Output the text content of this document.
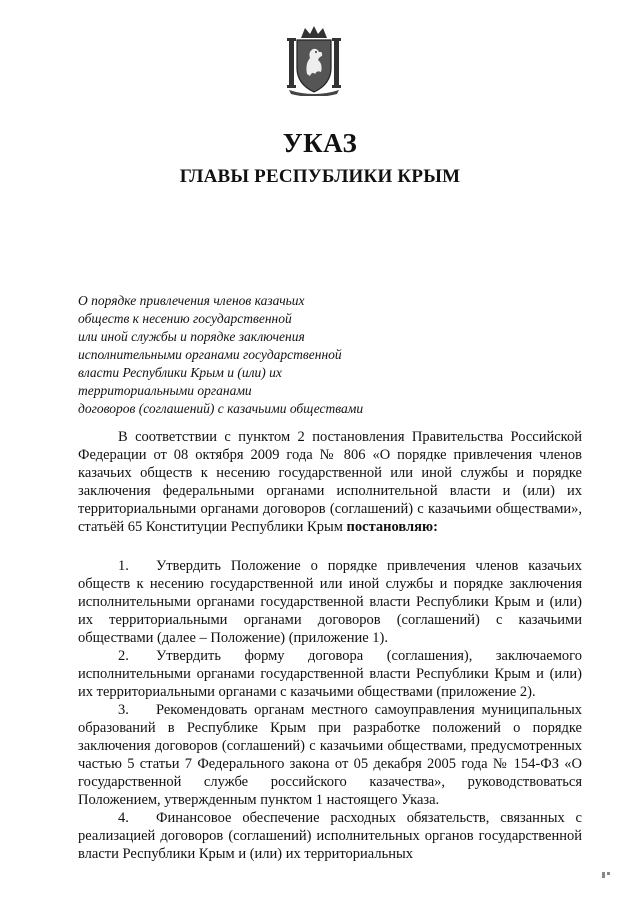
УКАЗ
ГЛАВЫ РЕСПУБЛИКИ КРЫМ
О порядке привлечения членов казачьих
обществ к несению государственной
или иной службы и порядке заключения
исполнительными органами государственной
власти Республики Крым и (или) их
территориальными органами
договоров (соглашений) с казачьими обществами

В соответствии с пунктом 2 постановления Правительства Российской Федерации от 08 октября 2009 года № 806 «О порядке привлечения членов казачьих обществ к несению государственной или иной службы и порядке заключения федеральными органами исполнительной власти и (или) их территориальными органами договоров (соглашений) с казачьими обществами», статьёй 65 Конституции Республики Крым постановляю:

1. Утвердить Положение о порядке привлечения членов казачьих обществ к несению государственной или иной службы и порядке заключения исполнительными органами государственной власти Республики Крым и (или) их территориальными органами договоров (соглашений) с казачьими обществами (далее – Положение) (приложение 1).

2. Утвердить форму договора (соглашения), заключаемого исполнительными органами государственной власти Республики Крым и (или) их территориальными органами с казачьими обществами (приложение 2).

3. Рекомендовать органам местного самоуправления муниципальных образований в Республике Крым при разработке положений о порядке заключения договоров (соглашений) с казачьими обществами, предусмотренных частью 5 статьи 7 Федерального закона от 05 декабря 2005 года № 154-ФЗ «О государственной службе российского казачества», руководствоваться Положением, утвержденным пунктом 1 настоящего Указа.

4. Финансовое обеспечение расходных обязательств, связанных с реализацией договоров (соглашений) исполнительных органов государственной власти Республики Крым и (или) их территориальных
